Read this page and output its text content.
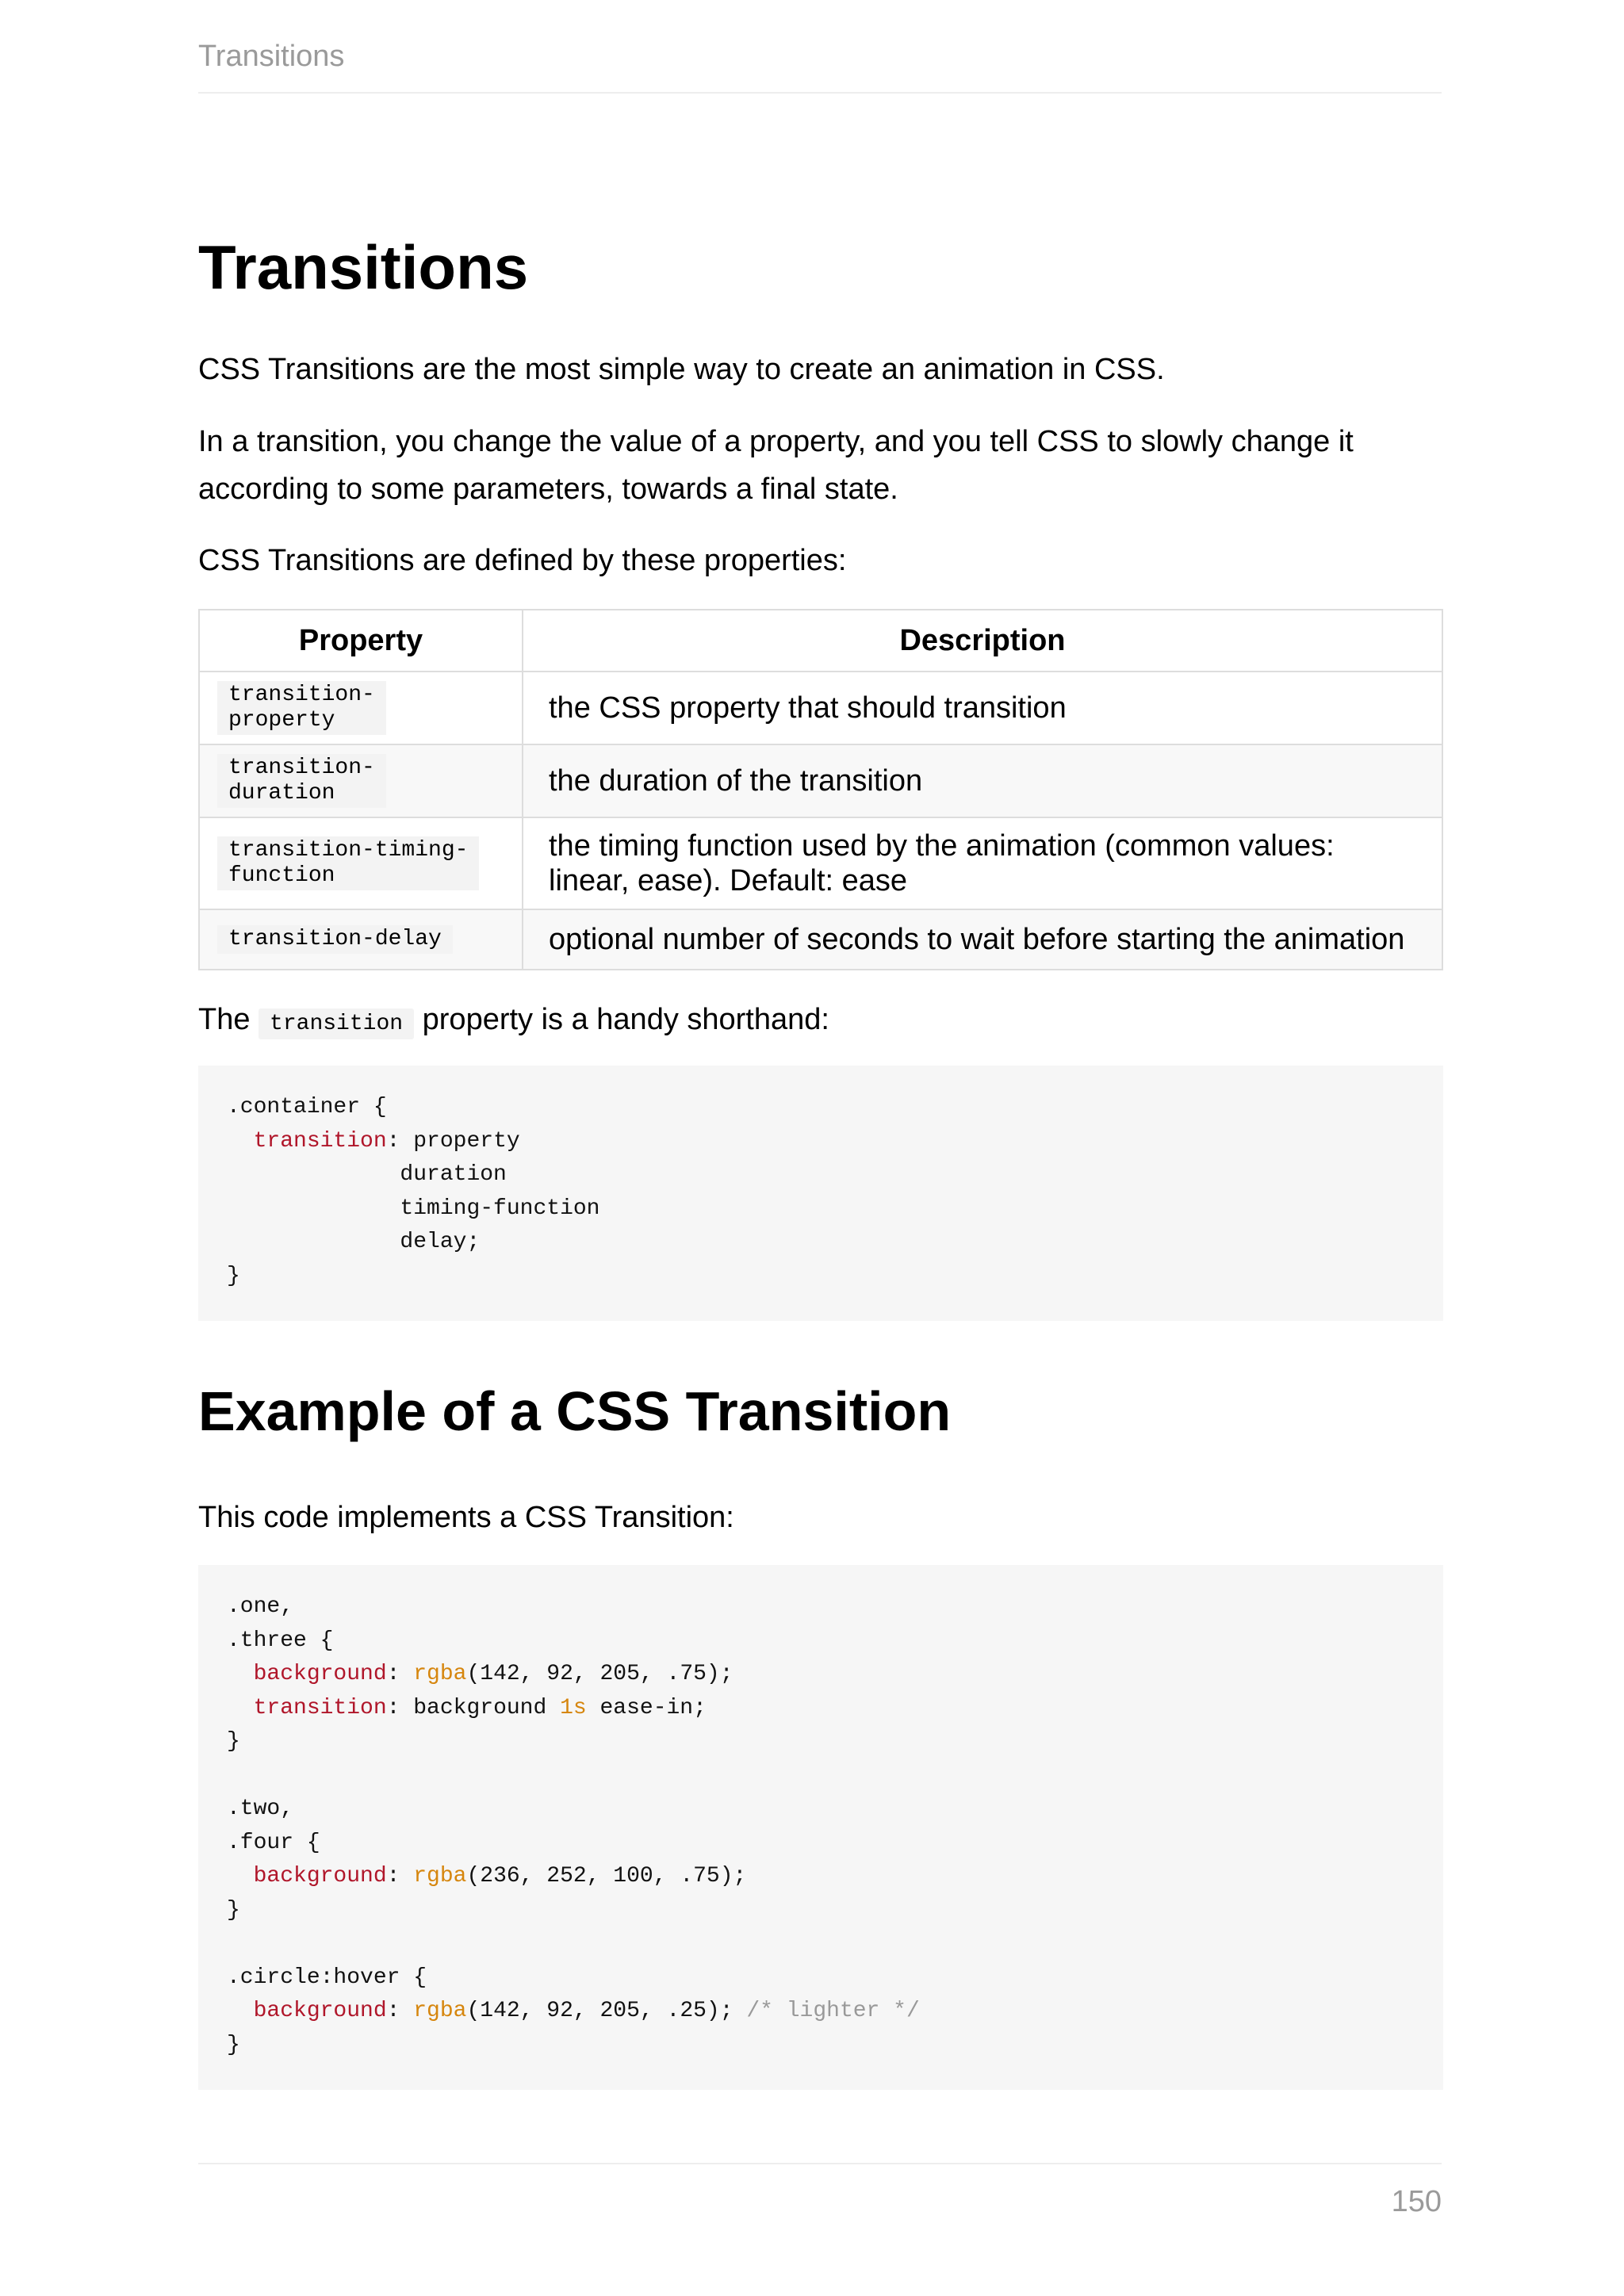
Transitions
Transitions

CSS Transitions are the most simple way to create an animation in CSS.

In a transition, you change the value of a property, and you tell CSS to slowly change it according to some parameters, towards a final state.

CSS Transitions are defined by these properties:

Property	Description
transition-
property	the CSS property that should transition
transition-
duration	the duration of the transition
transition-timing-
function	the timing function used by the animation (common values: linear, ease). Default: ease
transition-delay	optional number of seconds to wait before starting the animation

The transition property is a handy shorthand:

.container {
transition: property
duration
timing-function
delay;
}
Example of a CSS Transition

This code implements a CSS Transition:

.one,
.three {
background: rgba(142, 92, 205, .75);
transition: background 1s ease-in;
}

.two,
.four {
background: rgba(236, 252, 100, .75);
}

.circle:hover {
background: rgba(142, 92, 205, .25); /* lighter */
}
150
